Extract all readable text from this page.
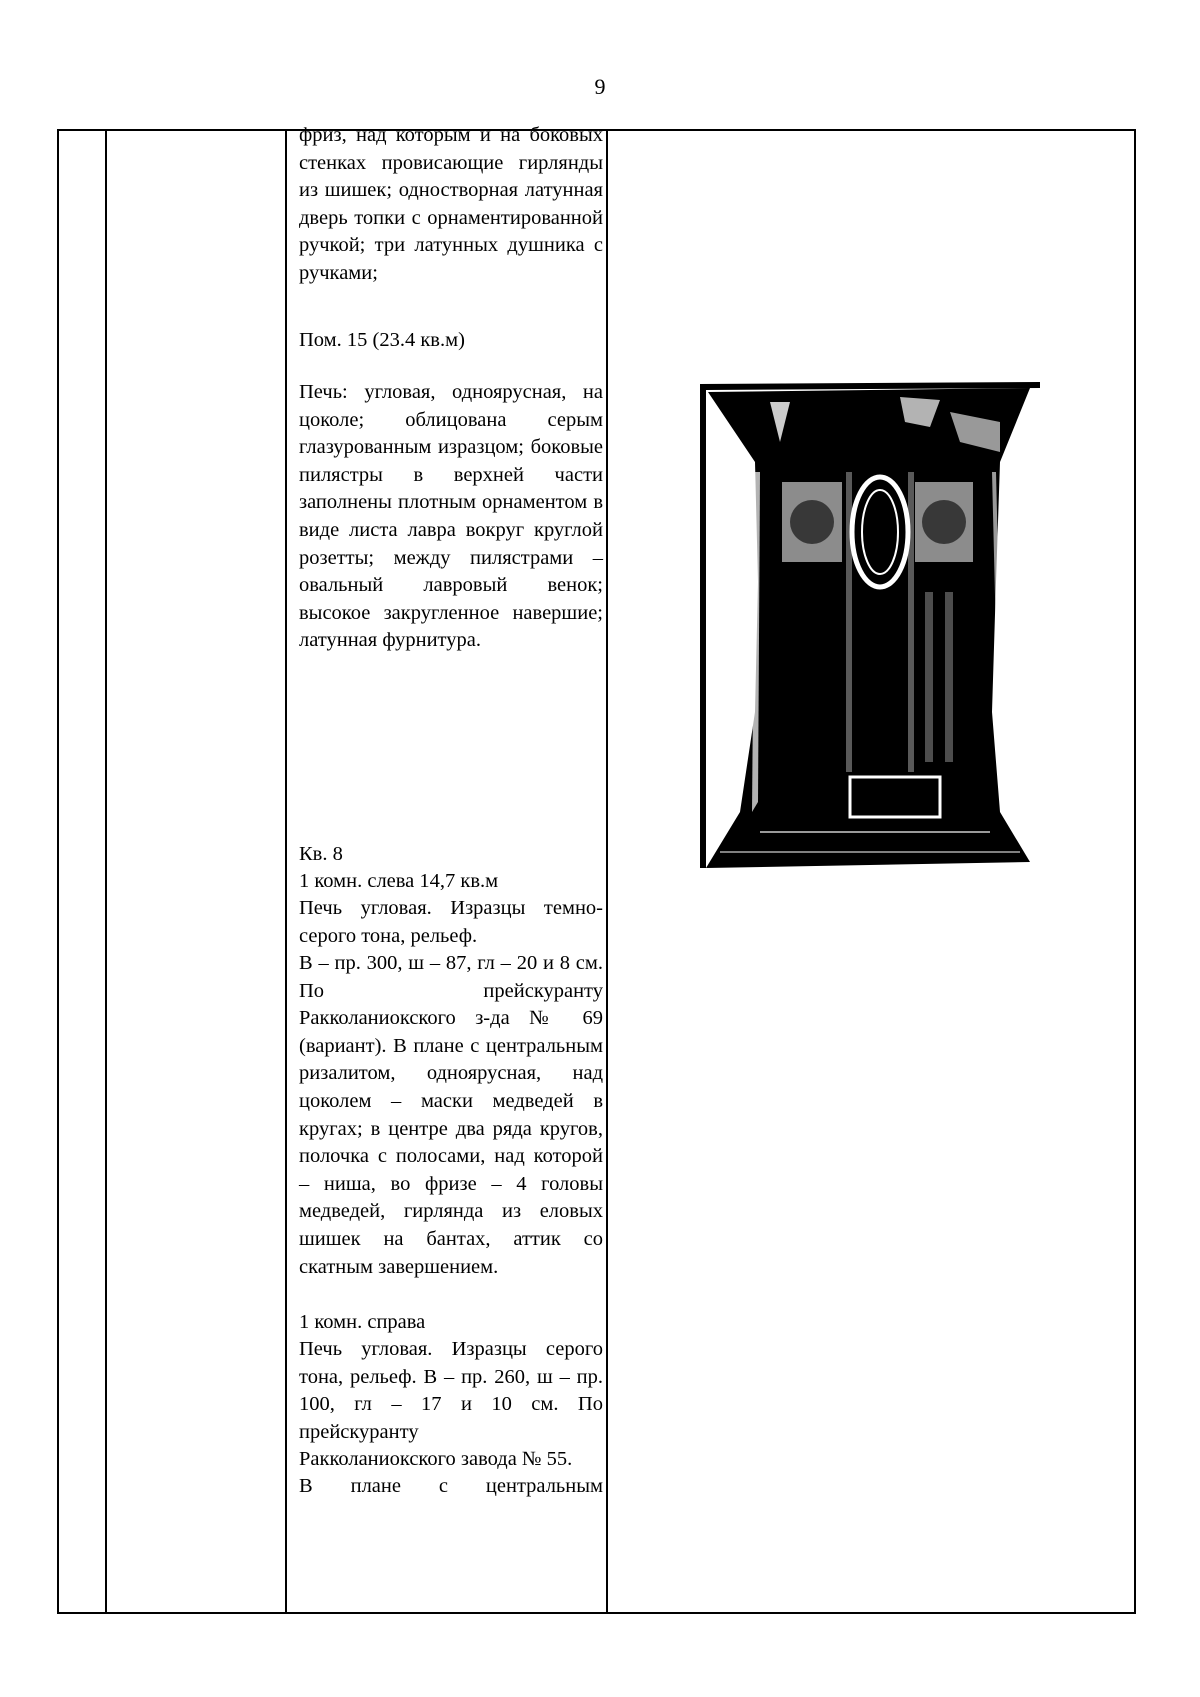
9

фриз, над которым и на боковых стенках провисающие гирлянды из шишек; одностворная латунная дверь топки с орнаментированной ручкой; три латунных душника с ручками;

Пом. 15 (23.4 кв.м)

Печь: угловая, одноярусная, на цоколе; облицована серым глазурованным изразцом; боковые пилястры в верхней части заполнены плотным орнаментом в виде листа лавра вокруг круглой розетты; между пилястрами – овальный лавровый венок; высокое закругленное навершие; латунная фурнитура.

Кв. 8

1 комн. слева 14,7 кв.м

Печь угловая. Изразцы темно-серого тона, рельеф.

В – пр. 300, ш – 87, гл – 20 и 8 см. По прейскуранту Ракколаниокского з-да № 69 (вариант). В плане с центральным ризалитом, одноярусная, над цоколем – маски медведей в кругах; в центре два ряда кругов, полочка с полосами, над которой – ниша, во фризе – 4 головы медведей, гирлянда из еловых шишек на бантах, аттик со скатным завершением.

1 комн. справа

Печь угловая. Изразцы серого тона, рельеф. В – пр. 260, ш – пр. 100, гл – 17 и 10 см. По прейскуранту

Ракколаниокского завода № 55.

В плане с центральным
